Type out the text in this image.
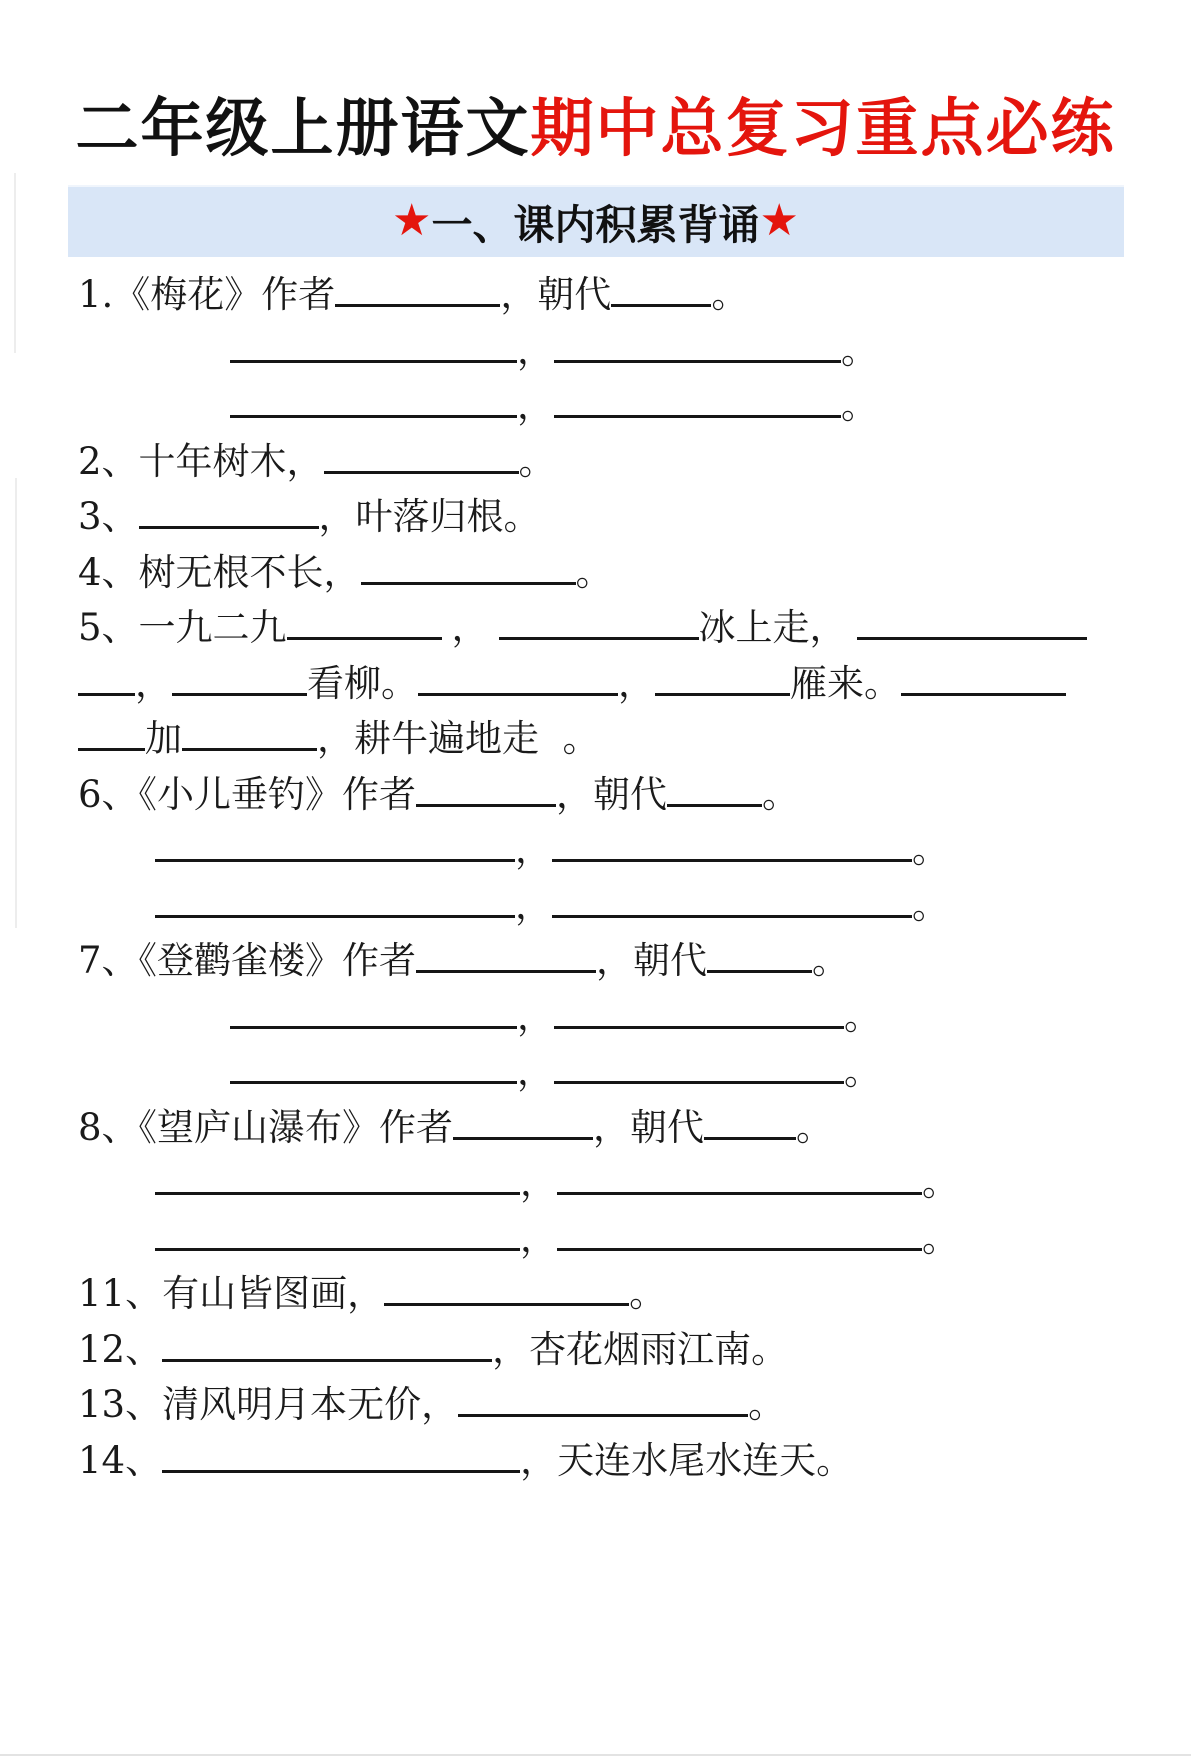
二年级上册语文期中总复习重点必练
★ 一、课内积累背诵 ★
1.《梅花》作者	，朝代	。
，	。
，	。
2、十年树木，	。
3、	，叶落归根。
4、树无根不长，	。
5、一九二九	，	冰上走，
，	看柳。	，	雁来。
加	，耕牛遍地走  。
6、《小儿垂钓》作者	，朝代	。
，	。
，	。
7、《登鹳雀楼》作者	，朝代	。
，	。
，	。
8、《望庐山瀑布》作者	，朝代 。
，	。
，	。
11、有山皆图画，	。
12、	，杏花烟雨江南。
13、清风明月本无价，	。
14、	，天连水尾水连天。
